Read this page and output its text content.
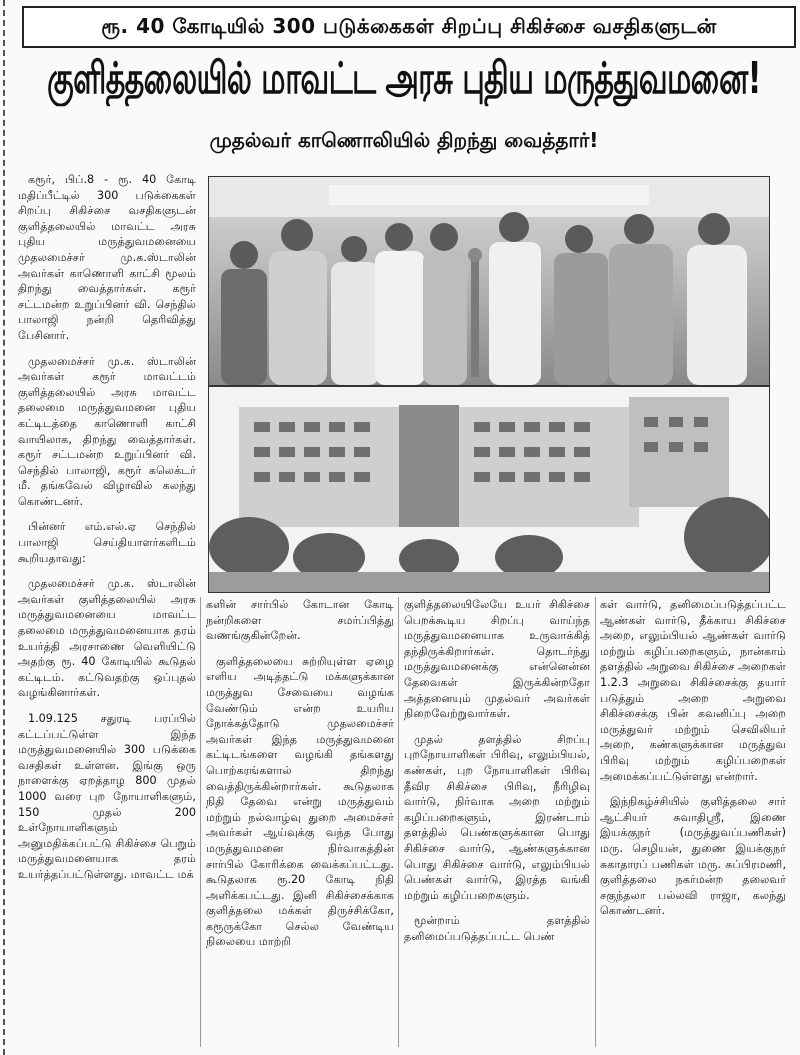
ரூ. 40 கோடியில் 300 படுக்கைகள் சிறப்பு சிகிச்சை வசதிகளுடன்
குளித்தலையில் மாவட்ட அரசு புதிய மருத்துவமனை!
முதல்வர் காணொலியில் திறந்து வைத்தார்!

கரூர், பிப்.8 - ரூ. 40 கோடி மதிப்பீட்டில் 300 படுக்கைகள் சிறப்பு சிகிச்சை வசதிகளுடன் குளித்தலையில் மாவட்ட அரசு புதிய மருத்துவமனையை முதலமைச்சர் மு.க.ஸ்டாலின் அவர்கள் காணொளி காட்சி மூலம் திறந்து வைத்தார்கள். கரூர் சட்டமன்ற உறுப்பினர் வி. செந்தில் பாலாஜி நன்றி தெரிவித்து பேசினார்.

முதலமைச்சர் மு.க. ஸ்டாலின் அவர்கள் கரூர் மாவட்டம் குளித்தலையில் அரசு மாவட்ட தலைமை மருத்துவமனை புதிய கட்டிடத்தை காணொளி காட்சி வாயிலாக, திறந்து வைத்தார்கள். கரூர் சட்டமன்ற உறுப்பினர் வி. செந்தில் பாலாஜி, கரூர் கலெக்டர் மீ. தங்கவேல் விழாவில் கலந்து கொண்டனர்.

பின்னர் எம்.எல்.ஏ செந்தில் பாலாஜி செய்தியாளர்களிடம் கூறியதாவது:

முதலமைச்சர் மு.க. ஸ்டாலின் அவர்கள் குளித்தலையில் அரசு மருத்துவமனையை மாவட்ட தலைமை மருத்துவமனையாக தரம் உயர்த்தி அரசாணை வெளியிட்டு அதற்கு ரூ. 40 கோடியில் கூடுதல் கட்டிடம். கட்டுவதற்கு ஒப்புதல் வழங்கினார்கள்.

1.09.125 சதுரடி பரப்பில் கட்டப்பட்டுள்ள இந்த மருத்துவமனையில் 300 படுக்கை வசதிகள் உள்ளன. இங்கு ஒரு நாளைக்கு ஏறத்தாழ 800 முதல் 1000 வரை புற நோயாளிகளும், 150 முதல் 200 உள்நோயாளிகளும் அனுமதிக்கப்பட்டு சிகிச்சை பெறும் மருத்துவமனையாக தரம் உயர்த்தப்பட்டுள்ளது. மாவட்ட மக்

களின் சார்பில் கோடான கோடி நன்றிகளை சமர்ப்பித்து வணங்குகின்றேன்.

குளித்தலையை சுற்றியுள்ள ஏழை எளிய அடித்தட்டு மக்களுக்கான மருத்துவ சேவையை வழங்க வேண்டும் என்ற உயரிய நோக்கத்தோடு முதலமைச்சர் அவர்கள் இந்த மருத்துவமனை கட்டிடங்களை வழங்கி தங்களது பொற்கரங்களால் திறந்து வைத்திருக்கின்றார்கள். கூடுதலாக நிதி தேவை என்று மருத்துவம் மற்றும் நல்வாழ்வு துறை அமைச்சர் அவர்கள் ஆய்வுக்கு வந்த போது மருத்துவமனை நிர்வாகத்தின் சார்பில் கோரிக்கை வைக்கப்பட்டது. கூடுதலாக ரூ.20 கோடி நிதி அளிக்கபட்டது. இனி சிகிச்சைக்காக குளித்தலை மக்கள் திருச்சிக்கோ, கரூருக்கோ செல்ல வேண்டிய நிலையை மாற்றி

குளித்தலையிலேயே உயர் சிகிச்சை பெறக்கூடிய சிறப்பு வாய்ந்த மருத்துவமனையாக உருவாக்கித் தந்திருக்கிறார்கள். தொடர்ந்து மருத்துவமனைக்கு என்னென்ன தேவைகள் இருக்கின்றதோ அத்தனையும் முதல்வர் அவர்கள் நிறைவேற்றுவார்கள்.

முதல் தளத்தில் சிறப்பு புறநோயாளிகள் பிரிவு, எலும்பியல், கண்கள், புற நோயாளிகள் பிரிவு தீவிர சிகிச்சை பிரிவு, நீரிழிவு வார்டு, நிர்வாக அறை மற்றும் கழிப்பறைகளும், இரண்டாம் தளத்தில் பெண்களுக்கான பொது சிகிச்சை வார்டு, ஆண்களுக்கான பொது சிகிச்சை வார்டு, எலும்பியல் பெண்கள் வார்டு, இரத்த வங்கி மற்றும் கழிப்பறைகளும்.

மூன்றாம் தளத்தில் தனிமைப்படுத்தப்பட்ட பெண்

கள் வார்டு, தனிமைப்படுத்தப்பட்ட ஆண்கள் வார்டு, தீக்காய சிகிச்சை அறை, எலும்பியல் ஆண்கள் வார்டு மற்றும் கழிப்பறைகளும், நான்காம் தளத்தில் அறுவை சிகிச்சை அறைகள் 1.2.3 அறுவை சிகிச்சைக்கு தயார் படுத்தும் அறை அறுவை சிகிச்சைக்கு பின் கவனிப்பு அறை மருத்துவர் மற்றும் செவிலியர் அறை, கண்களுக்கான மருத்துவ பிரிவு மற்றும் கழிப்பறைகள் அமைக்கப்பட்டுள்ளது என்றார்.

இந்நிகழ்ச்சியில் குளித்தலை சார் ஆட்சியர் சுவாதிஸ்ரீ, இணை இயக்குநர் (மருத்துவப்பணிகள்) மரு. செழியன், துணை இயக்குநர் சுகாதாரப் பணிகள் மரு. சுப்பிரமணி, குளித்தலை நகர்மன்ற தலைவர் சகுந்தலா பல்லவி ராஜா, கலந்து கொண்டனர்.
